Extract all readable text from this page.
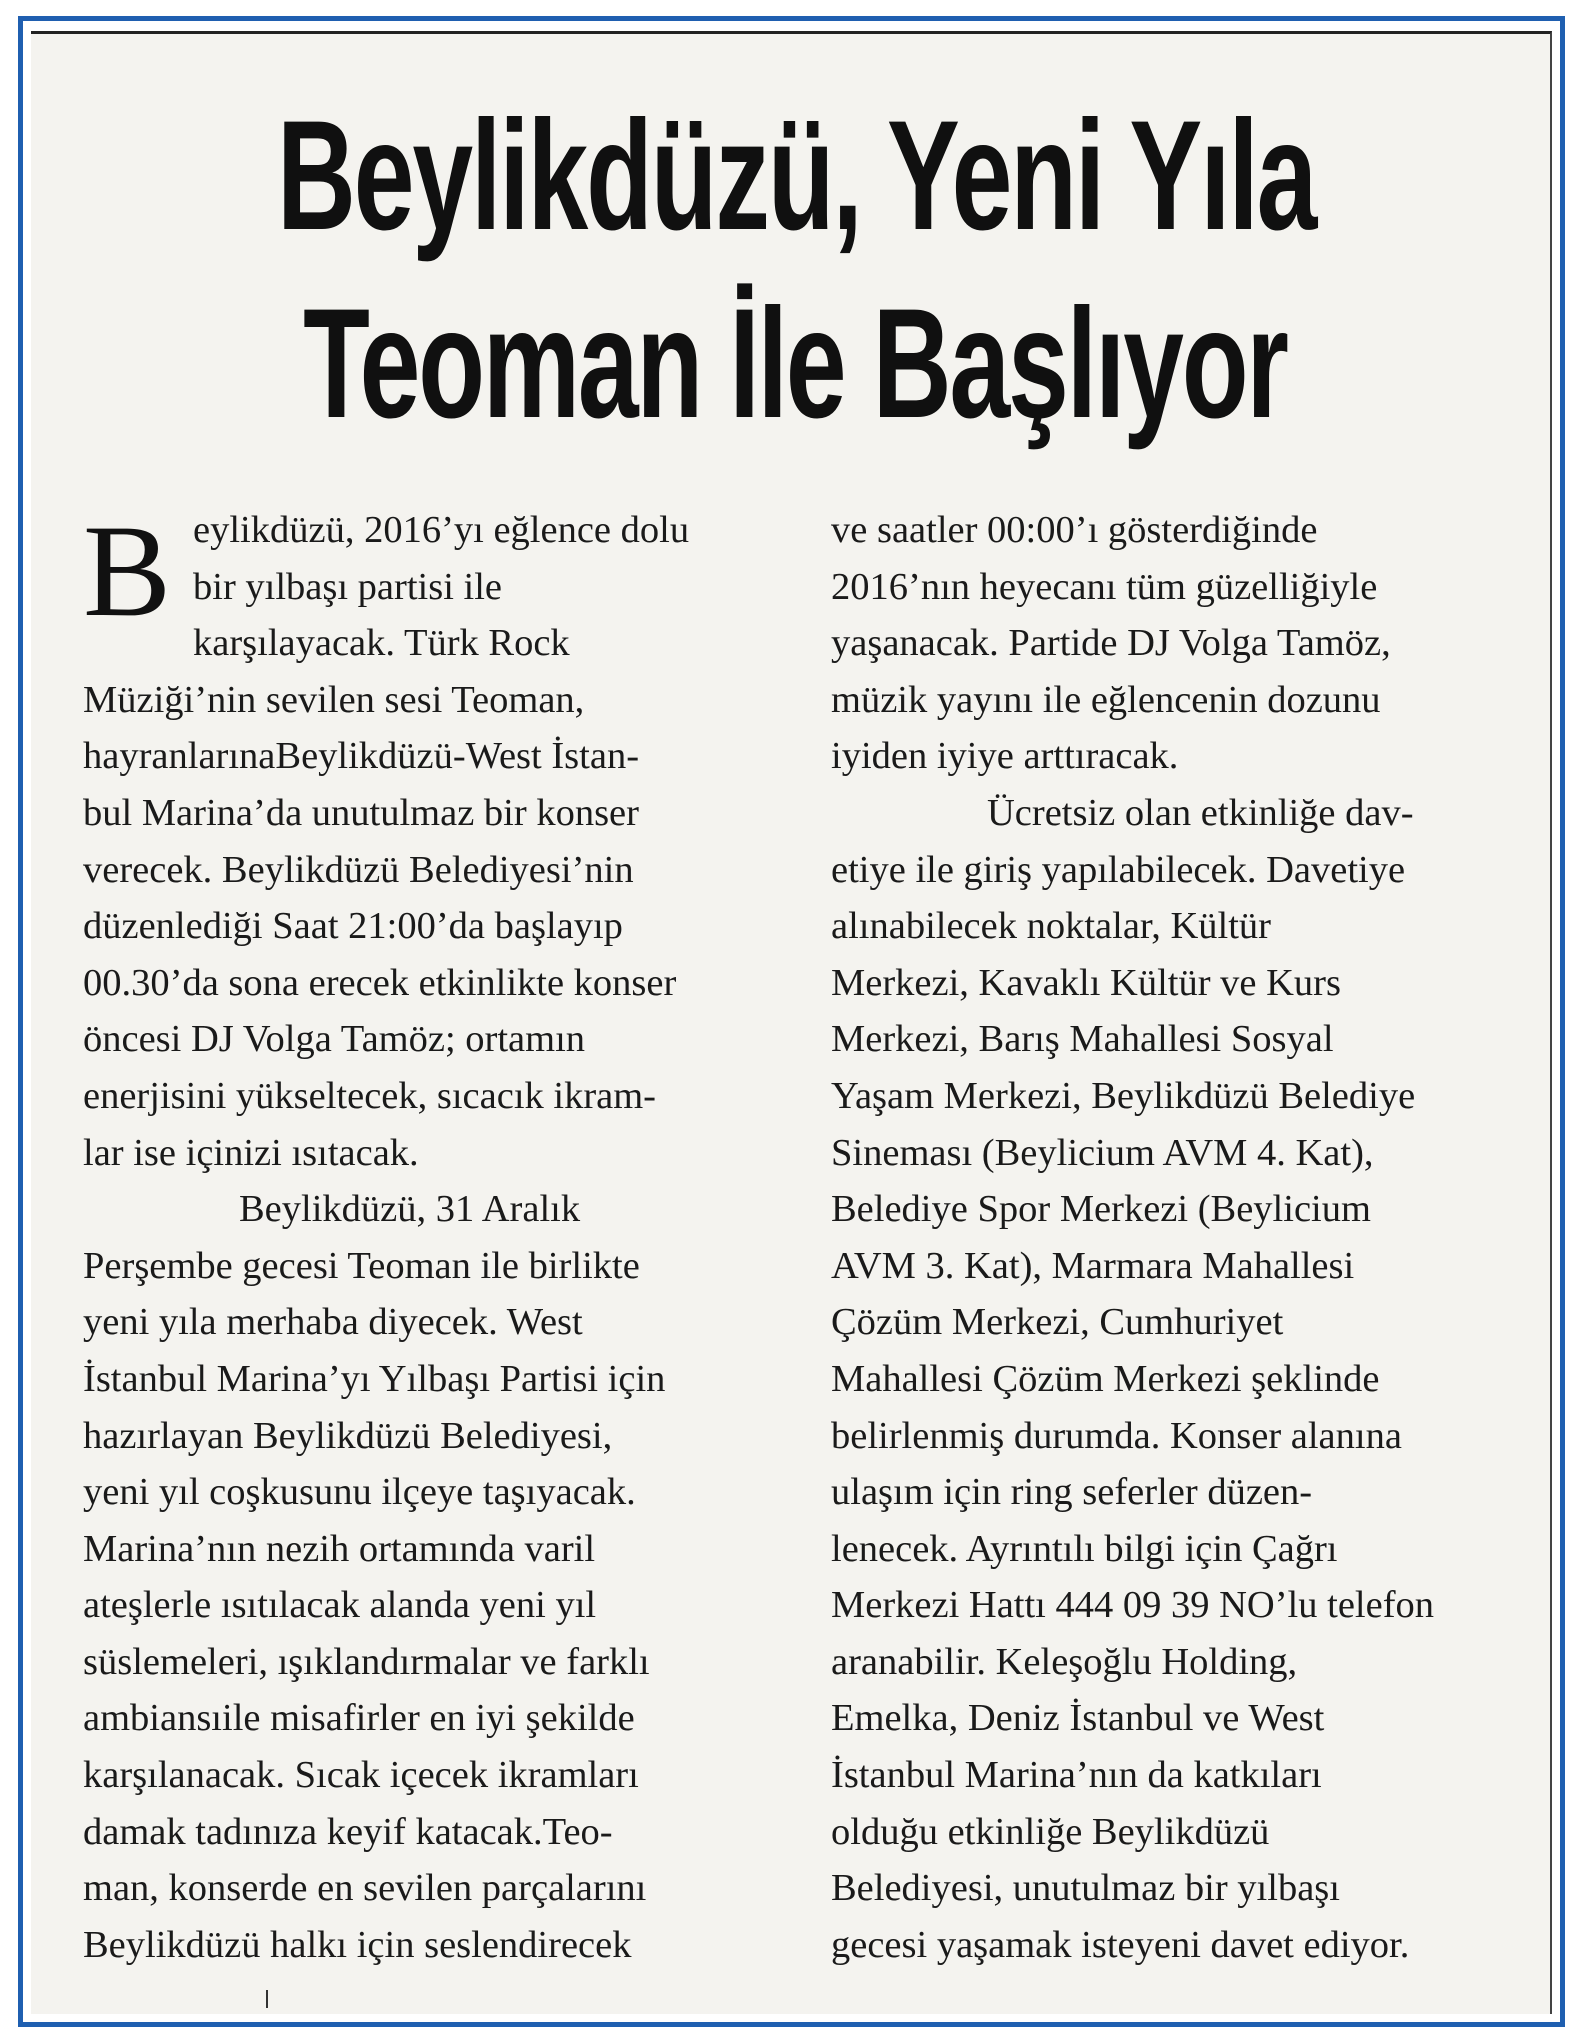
Beylikdüzü, Yeni Yıla
Teoman İle Başlıyor
B eylikdüzü, 2016’yı eğlence dolu

bir yılbaşı partisi ile

karşılayacak. Türk Rock

Müziği’nin sevilen sesi Teoman,

hayranlarınaBeylikdüzü-West İstan-

bul Marina’da unutulmaz bir konser

verecek. Beylikdüzü Belediyesi’nin

düzenlediği Saat 21:00’da başlayıp

00.30’da sona erecek etkinlikte konser

öncesi DJ Volga Tamöz; ortamın

enerjisini yükseltecek, sıcacık ikram-

lar ise içinizi ısıtacak.

Beylikdüzü, 31 Aralık

Perşembe gecesi Teoman ile birlikte

yeni yıla merhaba diyecek. West

İstanbul Marina’yı Yılbaşı Partisi için

hazırlayan Beylikdüzü Belediyesi,

yeni yıl coşkusunu ilçeye taşıyacak.

Marina’nın nezih ortamında varil

ateşlerle ısıtılacak alanda yeni yıl

süslemeleri, ışıklandırmalar ve farklı

ambiansıile misafirler en iyi şekilde

karşılanacak. Sıcak içecek ikramları

damak tadınıza keyif katacak.Teo-

man, konserde en sevilen parçalarını

Beylikdüzü halkı için seslendirecek

ve saatler 00:00’ı gösterdiğinde

2016’nın heyecanı tüm güzelliğiyle

yaşanacak. Partide DJ Volga Tamöz,

müzik yayını ile eğlencenin dozunu

iyiden iyiye arttıracak.

Ücretsiz olan etkinliğe dav-

etiye ile giriş yapılabilecek. Davetiye

alınabilecek noktalar, Kültür

Merkezi, Kavaklı Kültür ve Kurs

Merkezi, Barış Mahallesi Sosyal

Yaşam Merkezi, Beylikdüzü Belediye

Sineması (Beylicium AVM 4. Kat),

Belediye Spor Merkezi (Beylicium

AVM 3. Kat), Marmara Mahallesi

Çözüm Merkezi, Cumhuriyet

Mahallesi Çözüm Merkezi şeklinde

belirlenmiş durumda. Konser alanına

ulaşım için ring seferler düzen-

lenecek. Ayrıntılı bilgi için Çağrı

Merkezi Hattı 444 09 39 NO’lu telefon

aranabilir. Keleşoğlu Holding,

Emelka, Deniz İstanbul ve West

İstanbul Marina’nın da katkıları

olduğu etkinliğe Beylikdüzü

Belediyesi, unutulmaz bir yılbaşı

gecesi yaşamak isteyeni davet ediyor.
